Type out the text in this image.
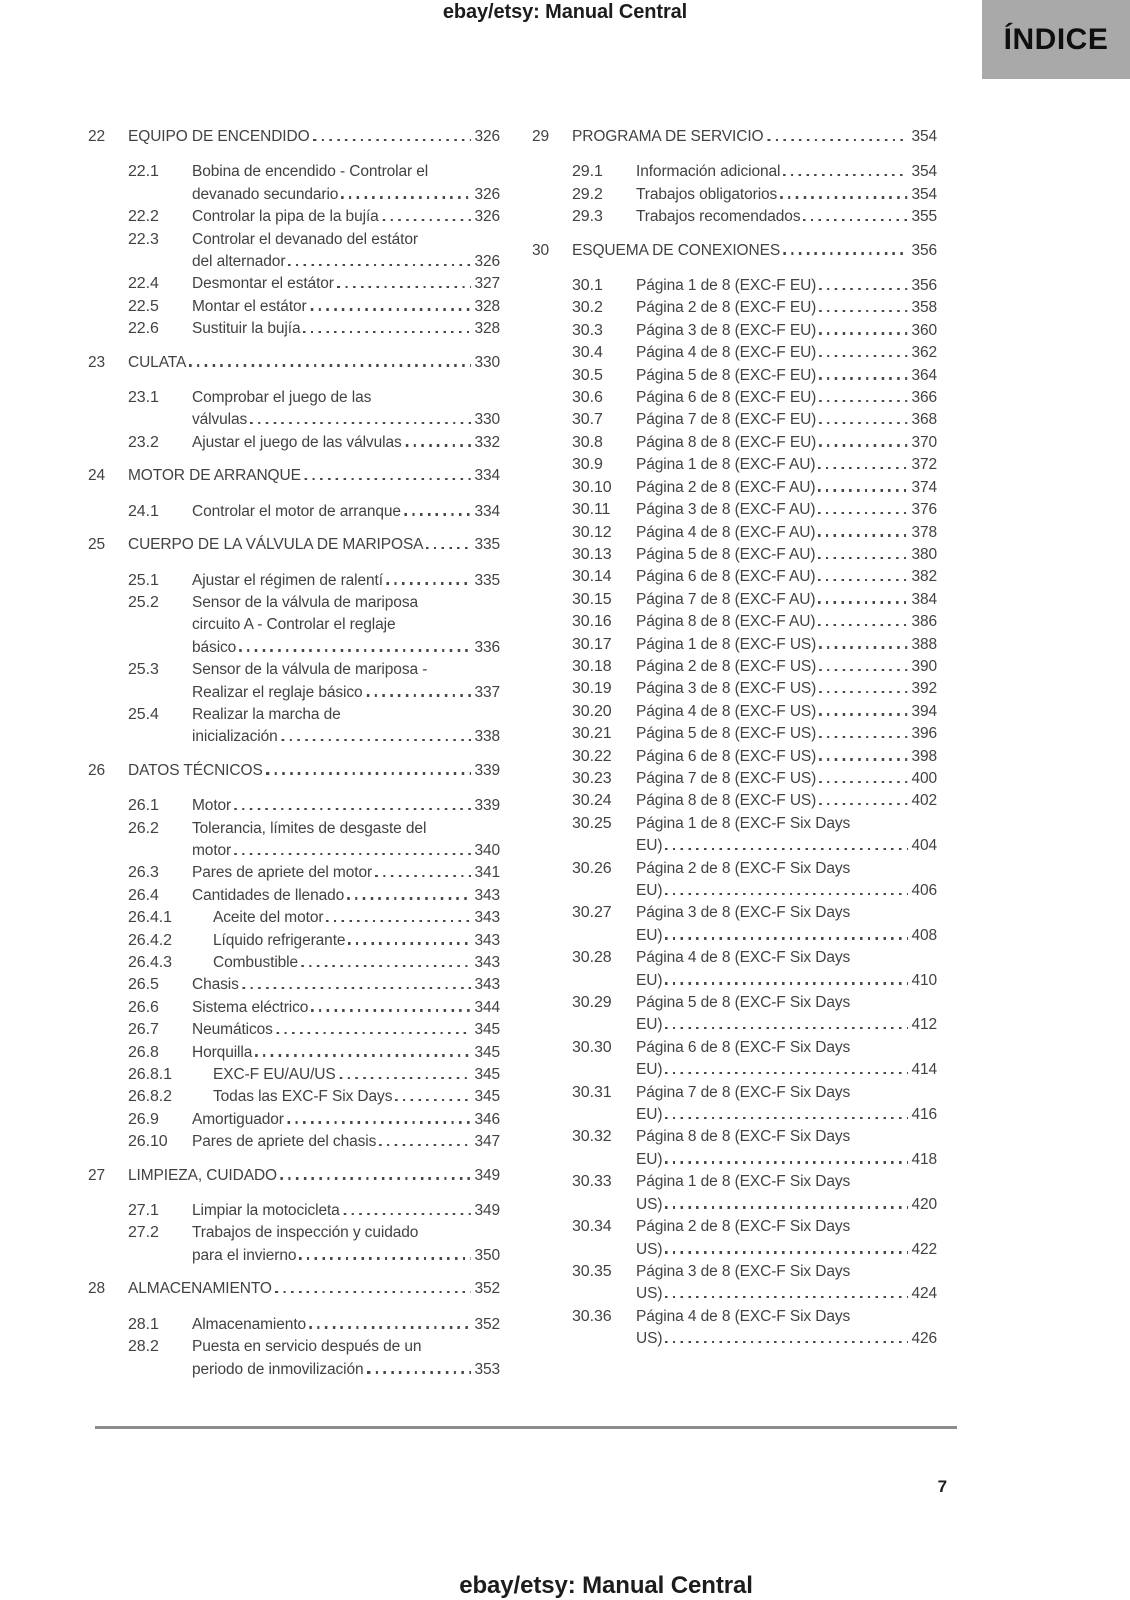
ebay/etsy: Manual Central
ÍNDICE
22	EQUIPO DE ENCENDIDO	326
22.1	Bobina de encendido - Controlar el
devanado secundario	326
22.2	Controlar la pipa de la bujía	326
22.3	Controlar el devanado del estátor
del alternador	326
22.4	Desmontar el estátor	327
22.5	Montar el estátor	328
22.6	Sustituir la bujía	328
23	CULATA	330
23.1	Comprobar el juego de las
válvulas	330
23.2	Ajustar el juego de las válvulas	332
24	MOTOR DE ARRANQUE	334
24.1	Controlar el motor de arranque	334
25	CUERPO DE LA VÁLVULA DE MARIPOSA	335
25.1	Ajustar el régimen de ralentí	335
25.2	Sensor de la válvula de mariposa
circuito A - Controlar el reglaje
básico	336
25.3	Sensor de la válvula de mariposa -
Realizar el reglaje básico	337
25.4	Realizar la marcha de
inicialización	338
26	DATOS TÉCNICOS	339
26.1	Motor	339
26.2	Tolerancia, límites de desgaste del
motor	340
26.3	Pares de apriete del motor	341
26.4	Cantidades de llenado	343
26.4.1	Aceite del motor	343
26.4.2	Líquido refrigerante	343
26.4.3	Combustible	343
26.5	Chasis	343
26.6	Sistema eléctrico	344
26.7	Neumáticos	345
26.8	Horquilla	345
26.8.1	EXC-F EU/AU/US	345
26.8.2	Todas las EXC-F Six Days	345
26.9	Amortiguador	346
26.10	Pares de apriete del chasis	347
27	LIMPIEZA, CUIDADO	349
27.1	Limpiar la motocicleta	349
27.2	Trabajos de inspección y cuidado
para el invierno	350
28	ALMACENAMIENTO	352
28.1	Almacenamiento	352
28.2	Puesta en servicio después de un
periodo de inmovilización	353
29	PROGRAMA DE SERVICIO	354
29.1	Información adicional	354
29.2	Trabajos obligatorios	354
29.3	Trabajos recomendados	355
30	ESQUEMA DE CONEXIONES	356
30.1	Página 1 de 8 (EXC-F EU)	356
30.2	Página 2 de 8 (EXC-F EU)	358
30.3	Página 3 de 8 (EXC-F EU)	360
30.4	Página 4 de 8 (EXC-F EU)	362
30.5	Página 5 de 8 (EXC-F EU)	364
30.6	Página 6 de 8 (EXC-F EU)	366
30.7	Página 7 de 8 (EXC-F EU)	368
30.8	Página 8 de 8 (EXC-F EU)	370
30.9	Página 1 de 8 (EXC-F AU)	372
30.10	Página 2 de 8 (EXC-F AU)	374
30.11	Página 3 de 8 (EXC-F AU)	376
30.12	Página 4 de 8 (EXC-F AU)	378
30.13	Página 5 de 8 (EXC-F AU)	380
30.14	Página 6 de 8 (EXC-F AU)	382
30.15	Página 7 de 8 (EXC-F AU)	384
30.16	Página 8 de 8 (EXC-F AU)	386
30.17	Página 1 de 8 (EXC-F US)	388
30.18	Página 2 de 8 (EXC-F US)	390
30.19	Página 3 de 8 (EXC-F US)	392
30.20	Página 4 de 8 (EXC-F US)	394
30.21	Página 5 de 8 (EXC-F US)	396
30.22	Página 6 de 8 (EXC-F US)	398
30.23	Página 7 de 8 (EXC-F US)	400
30.24	Página 8 de 8 (EXC-F US)	402
30.25	Página 1 de 8 (EXC-F Six Days
EU)	404
30.26	Página 2 de 8 (EXC-F Six Days
EU)	406
30.27	Página 3 de 8 (EXC-F Six Days
EU)	408
30.28	Página 4 de 8 (EXC-F Six Days
EU)	410
30.29	Página 5 de 8 (EXC-F Six Days
EU)	412
30.30	Página 6 de 8 (EXC-F Six Days
EU)	414
30.31	Página 7 de 8 (EXC-F Six Days
EU)	416
30.32	Página 8 de 8 (EXC-F Six Days
EU)	418
30.33	Página 1 de 8 (EXC-F Six Days
US)	420
30.34	Página 2 de 8 (EXC-F Six Days
US)	422
30.35	Página 3 de 8 (EXC-F Six Days
US)	424
30.36	Página 4 de 8 (EXC-F Six Days
US)	426
7
ebay/etsy: Manual Central
